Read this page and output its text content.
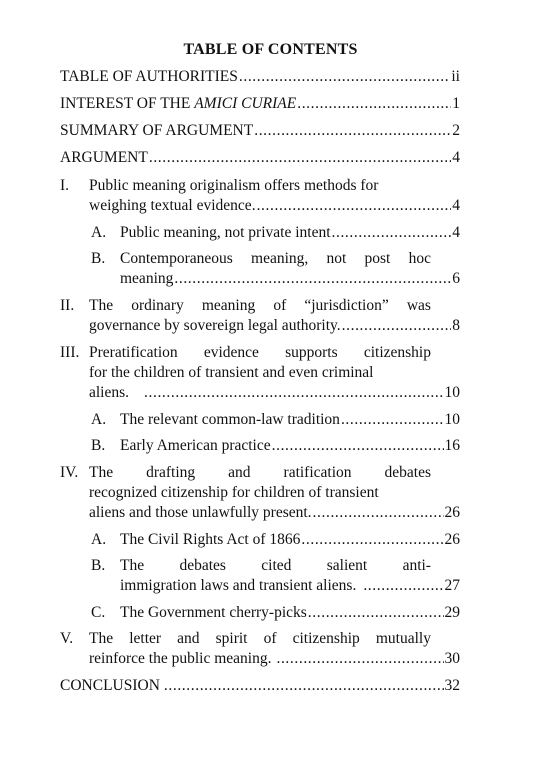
TABLE OF CONTENTS
TABLE OF AUTHORITIES .....	ii
INTEREST OF THE AMICI CURIAE .....	1
SUMMARY OF ARGUMENT .....	2
ARGUMENT .....	4
I. Public meaning originalism offers methods for
weighing textual evidence. .....	4
A. Public meaning, not private intent .....	4
B. Contemporaneous meaning, not post hoc
meaning .....	6
II. The ordinary meaning of “jurisdiction” was
governance by sovereign legal authority. .....	8
III. Preratification evidence supports citizenship
for the children of transient and even criminal
aliens. .....	10
A. The relevant common-law tradition .....	10
B. Early American practice .....	16
IV. The drafting and ratification debates
recognized citizenship for children of transient
aliens and those unlawfully present. .....	26
A. The Civil Rights Act of 1866 .....	26
B. The debates cited salient anti-
immigration laws and transient aliens. .....	27
C. The Government cherry-picks .....	29
V. The letter and spirit of citizenship mutually
reinforce the public meaning. .....	30
CONCLUSION .....	32
